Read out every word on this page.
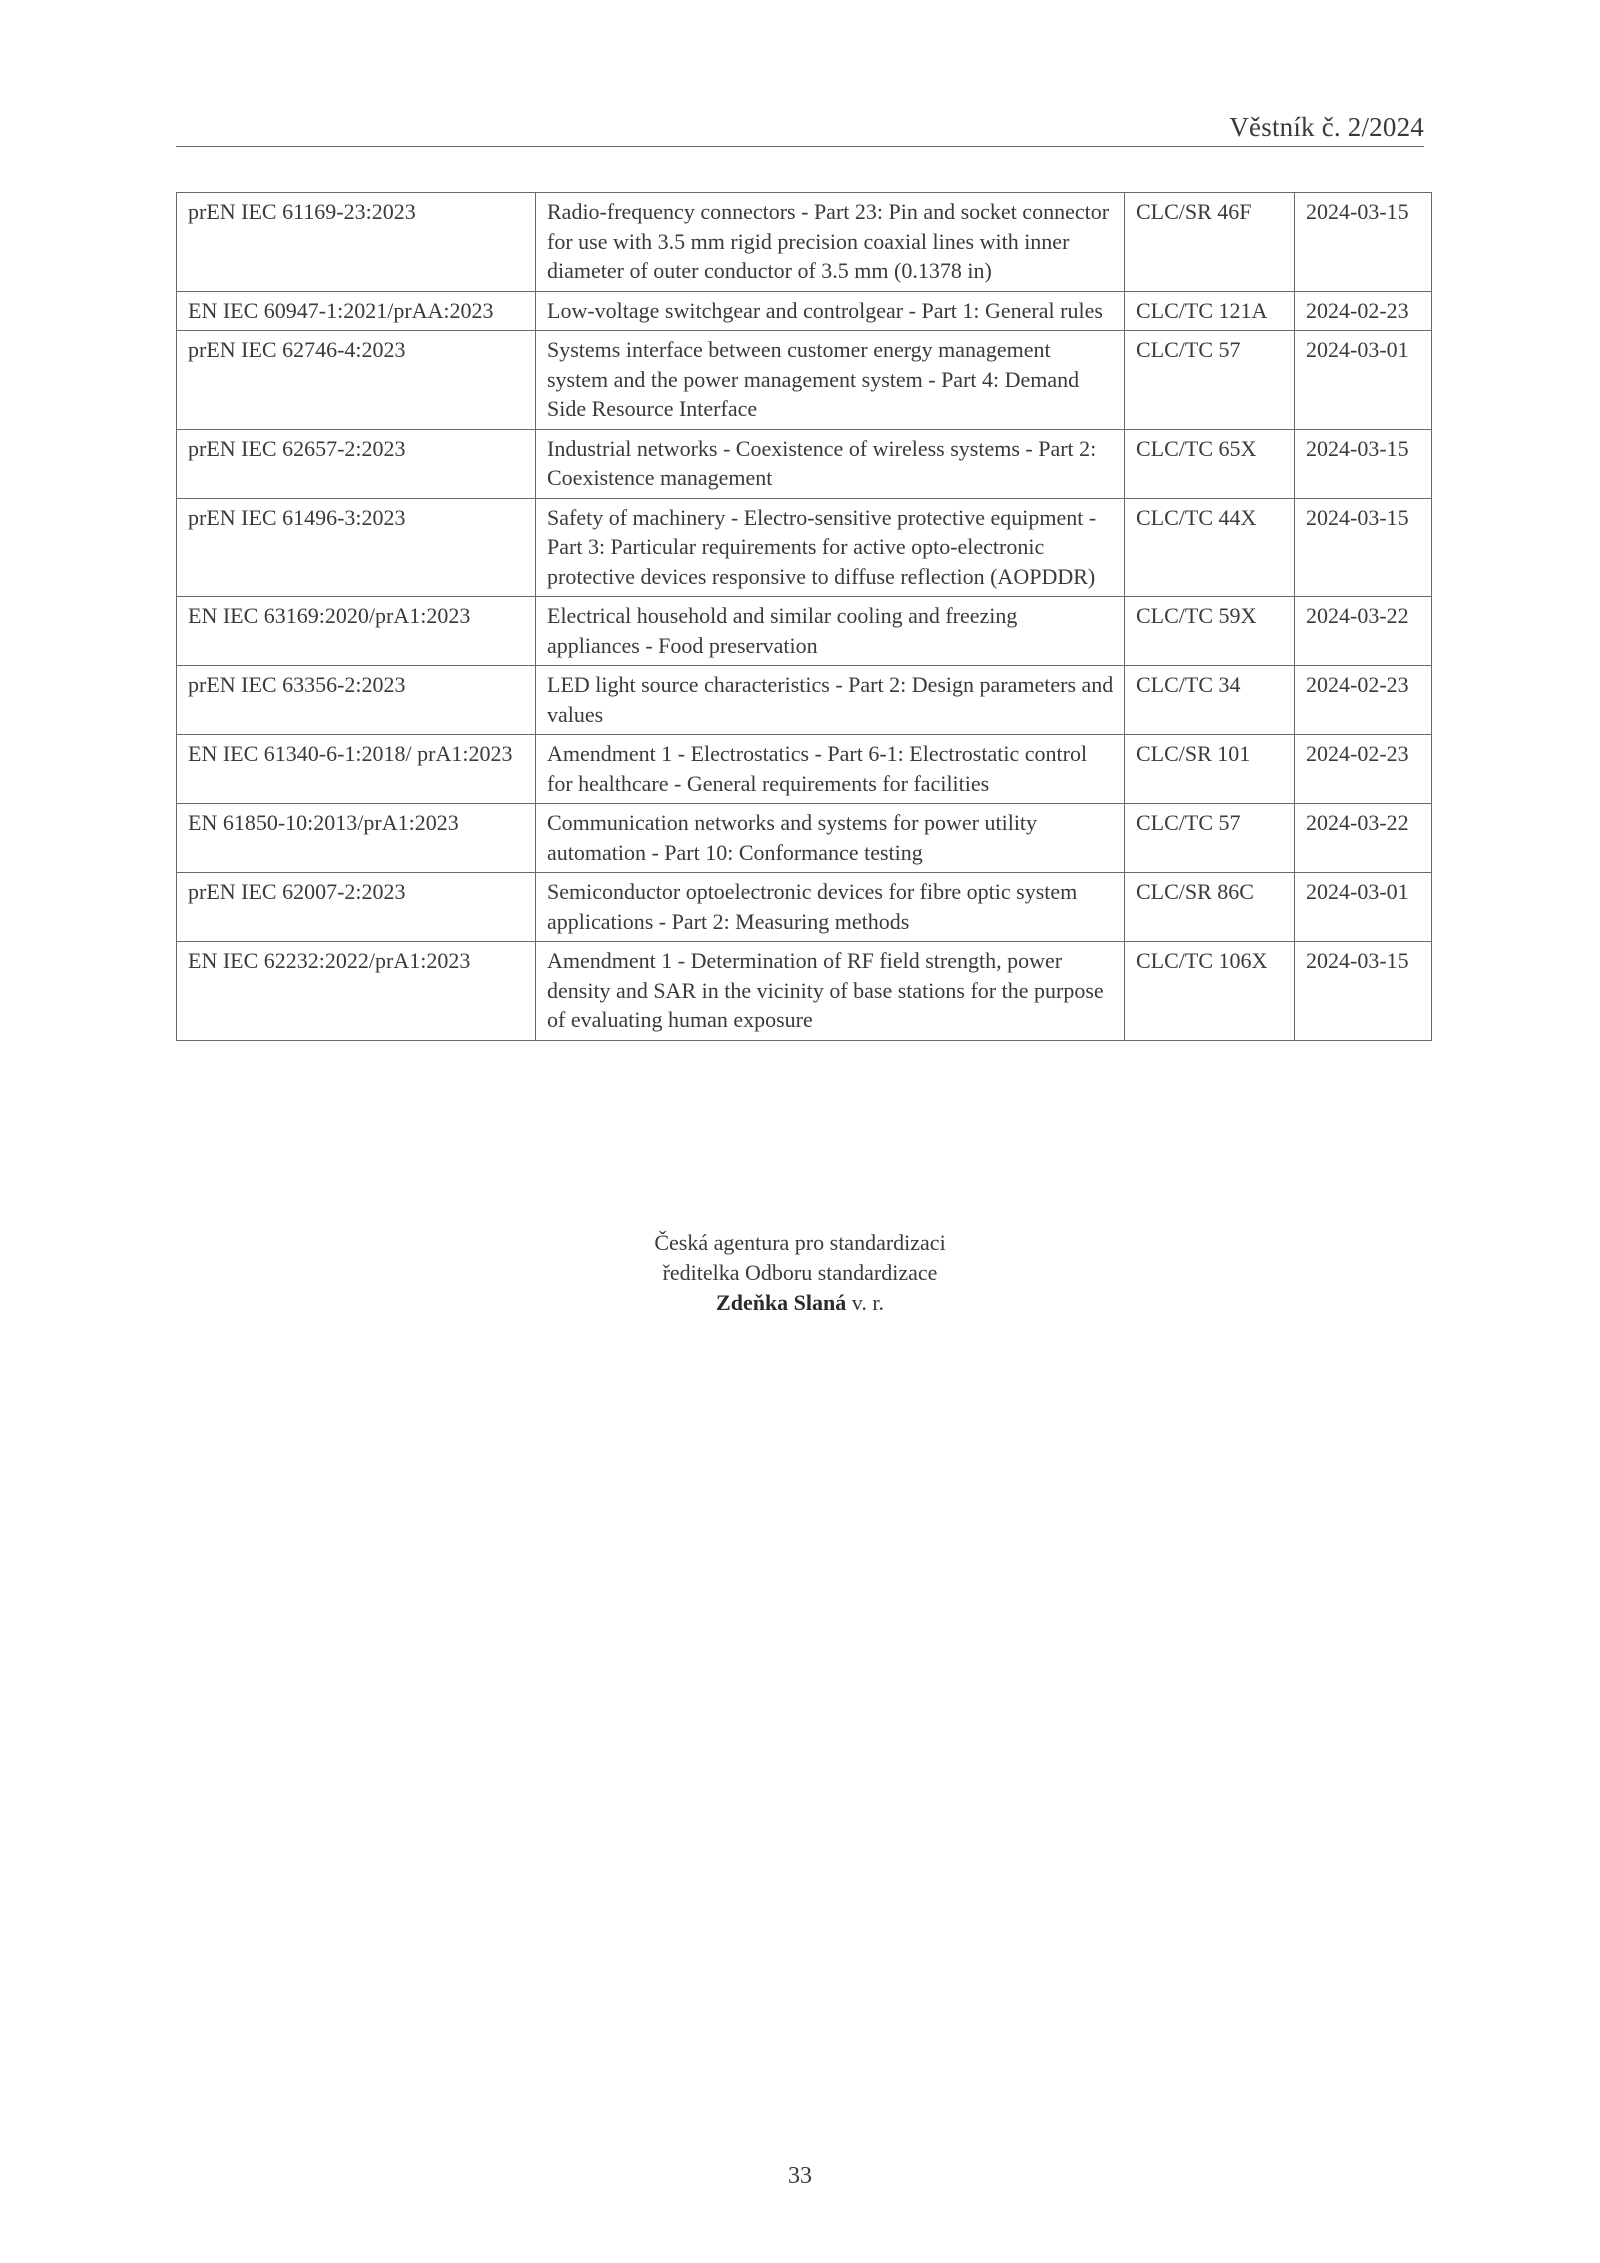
Věstník č. 2/2024
prEN IEC 61169-23:2023	Radio-frequency connectors - Part 23: Pin and socket connector for use with 3.5 mm rigid precision coaxial lines with inner diameter of outer conductor of 3.5 mm (0.1378 in)	CLC/SR 46F	2024-03-15
EN IEC 60947-1:2021/prAA:2023	Low-voltage switchgear and controlgear - Part 1: General rules	CLC/TC 121A	2024-02-23
prEN IEC 62746-4:2023	Systems interface between customer energy management system and the power management system - Part 4: Demand Side Resource Interface	CLC/TC 57	2024-03-01
prEN IEC 62657-2:2023	Industrial networks - Coexistence of wireless systems - Part 2: Coexistence management	CLC/TC 65X	2024-03-15
prEN IEC 61496-3:2023	Safety of machinery - Electro-sensitive protective equipment - Part 3: Particular requirements for active opto-electronic protective devices responsive to diffuse reflection (AOPDDR)	CLC/TC 44X	2024-03-15
EN IEC 63169:2020/prA1:2023	Electrical household and similar cooling and freezing appliances - Food preservation	CLC/TC 59X	2024-03-22
prEN IEC 63356-2:2023	LED light source characteristics - Part 2: Design parameters and values	CLC/TC 34	2024-02-23
EN IEC 61340-6-1:2018/ prA1:2023	Amendment 1 - Electrostatics - Part 6-1: Electrostatic control for healthcare - General requirements for facilities	CLC/SR 101	2024-02-23
EN 61850-10:2013/prA1:2023	Communication networks and systems for power utility automation - Part 10: Conformance testing	CLC/TC 57	2024-03-22
prEN IEC 62007-2:2023	Semiconductor optoelectronic devices for fibre optic system applications - Part 2: Measuring methods	CLC/SR 86C	2024-03-01
EN IEC 62232:2022/prA1:2023	Amendment 1 - Determination of RF field strength, power density and SAR in the vicinity of base stations for the purpose of evaluating human exposure	CLC/TC 106X	2024-03-15
Česká agentura pro standardizaci
ředitelka Odboru standardizace
Zdeňka Slaná v. r.
33
